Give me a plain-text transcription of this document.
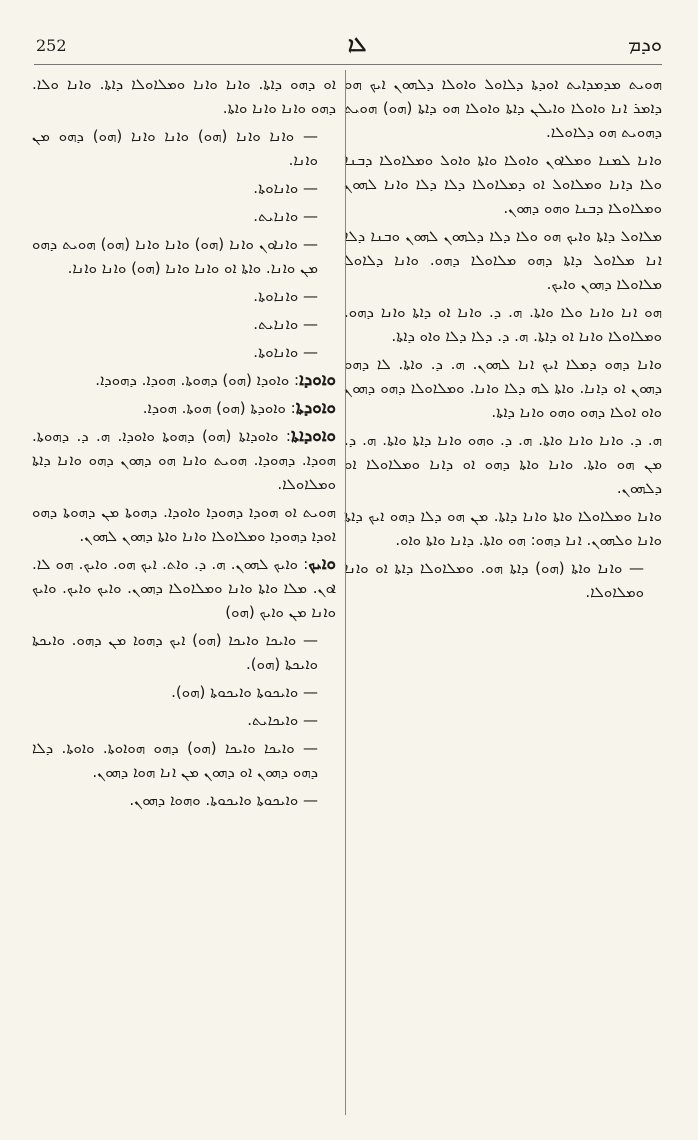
252	ܠܐ	ܘܕܡ

ܗܘܝܬ ܡܕܡܕܐܝܬ ܐܘܕܬܐ ܕܠܐܘܠ ܘܐܘܠܐ ܕܠܗܘܢ ܐܝܟ ܗܘ ܕܐܡܪ ܐܢܐ ܘܐܘܠܐ ܘܐܝܠܢ ܕܐܬܐ ܘܐܘܠܐ ܗܘ ܕܐܬܐ (ܗܘ) ܗܘܝܬ ܕܗܘܝܬ ܗܘ ܕܠܐܘܠܐ.

ܘܐܢܐ ܠܡܢܐ ܘܡܠܐܘܢ ܘܐܘܠܐ ܘܐܬܐ ܘܐܘܠ ܘܡܠܐܘܠܐ ܕܒܢܐ ܘܠܐ ܕܐܢܐ ܘܡܠܐܘܠ ܐܘ ܕܡܠܐܘܠܐ ܕܠܐ ܕܠܐ ܘܐܢܐ ܠܗܘܢ ܘܡܠܐܘܠܐ ܕܒܢܐ ܘܗܘ ܕܗܘܢ.

ܡܠܐܘܠ ܕܐܬܐ ܘܐܝܟ ܗܘ ܘܠܐ ܕܠܐ ܕܠܗܘܢ ܠܗܘܢ ܘܒܢܐ ܕܠܐ ܐܢܐ ܡܠܐܘܠ ܕܐܬܐ ܕܗܘ ܡܠܐܘܠܐ ܕܗܘ. ܘܐܢܐ ܕܠܐܘܠ ܡܠܐܘܠܐ ܕܗܘܢ ܘܐܝܟ.

ܗܘ ܐܢܐ ܘܐܢܐ ܘܠܐ ܘܐܬܐ. ܗ. ܕ. ܘܐܢܐ ܐܘ ܕܐܬܐ ܘܐܢܐ ܕܗܘ. ܘܡܠܐܘܠܐ ܘܐܢܐ ܐܘ ܕܐܬܐ. ܗ. ܕ. ܕܠܐ ܕܠܐ ܘܐܘ ܕܐܬܐ.

ܘܐܢܐ ܕܗܘ ܕܡܠܐ ܐܝܟ ܐܢܐ ܠܗܘܢ. ܗ. ܕ. ܘܐܬܐ. ܠܐ ܕܗܘ ܕܗܘܢ ܐܘ ܕܐܢܐ. ܘܐܬܐ ܠܗ ܕܠܐ ܘܐܢܐ. ܘܡܠܐܘܠܐ ܕܗܘ ܕܗܘܢ ܘܐܘ ܐܘܠܐ ܕܗܘ ܘܗܘ ܘܐܢܐ ܕܐܬܐ.

ܗ. ܕ. ܘܐܢܐ ܘܐܢܐ ܘܐܬܐ. ܗ. ܕ. ܘܗܘ ܘܐܢܐ ܕܐܬܐ ܘܐܬܐ. ܗ. ܕ. ܡܢ ܗܘ ܘܐܬܐ. ܘܐܢܐ ܘܐܬܐ ܕܗܘ ܐܘ ܕܐܢܐ ܘܡܠܐܘܠܐ ܐܘ ܕܠܗܘܢ.

ܘܐܢܐ ܘܡܠܐܘܠܐ ܘܐܬܐ ܘܐܢܐ ܕܐܬܐ. ܡܢ ܗܘ ܕܠܐ ܕܗܘ ܐܝܟ ܕܐܬܐ ܘܐܢܐ ܘܠܗܘܢ. ܐܢܐ ܕܗܘ: ܗܘ ܘܐܬܐ. ܕܐܢܐ ܘܐܬܐ ܘܐܘ.

— ܘܐܢܐ ܘܐܬܐ (ܗܘ) ܕܐܬܐ ܗܘ. ܘܡܠܐܘܠܐ ܕܐܬܐ ܐܘ ܘܐܢܐ ܘܡܠܐܘܠܐ.

ܐܘ ܕܗܘ ܕܐܬܐ. ܘܐܢܐ ܘܐܢܐ ܘܡܠܐܘܠܐ ܕܐܬܐ. ܘܐܢܐ ܘܠܐ. ܕܗܘ ܘܐܢܐ ܘܐܢܐ ܘܐܬܐ.

— ܘܐܢܐ ܘܐܢܐ (ܗܘ) ܘܐܢܐ ܘܐܢܐ (ܗܘ) ܕܗܘ ܡܢ ܘܐܢܐ.

— ܘܐܢܐܘܬܐ.

— ܘܐܢܐܝܬ.

— ܘܐܢܐܘܢ ܘܐܢܐ (ܗܘ) ܘܐܢܐ ܘܐܢܐ (ܗܘ) ܗܘܝܬ ܕܗܘ ܡܢ ܘܐܢܐ. ܘܐܬܐ ܐܘ ܘܐܢܐ ܘܐܢܐ (ܗܘ) ܘܐܢܐ ܘܐܢܐ.

— ܘܐܢܐܘܬܐ.

— ܘܐܢܐܝܬ.

— ܘܐܢܐܘܬܐ.

ܘܐܘܕܐ: ܘܐܘܕܐ (ܗܘ) ܕܗܘܬܐ. ܗܘܕܐ. ܕܗܘܕܐ.

ܘܐܘܕܬܐ: ܘܐܘܕܬܐ (ܗܘ) ܗܘܬܐ. ܗܘܕܐ.

ܘܐܘܕܐܬܐ: ܘܐܘܕܐܬܐ (ܗܘ) ܕܗܘܬܐ ܘܐܘܕܐ. ܗ. ܕ. ܕܗܘܬܐ. ܗܘܕܐ. ܕܗܘܕܐ. ܗܘܝܬ ܘܐܢܐ ܗܘ ܕܗܘܢ ܕܗܘ ܘܐܢܐ ܕܐܬܐ ܘܡܠܐܘܠܐ.

ܗܘܝܬ ܐܘ ܗܘܕܐ ܕܗܘܕܐ ܘܐܘܕܐ. ܕܗܘܬܐ ܡܢ ܕܗܘܬܐ ܕܗܘ ܐܘܕܐ ܕܗܘܕܐ ܘܡܠܐܘܠܐ ܘܐܢܐ ܘܐܬܐ ܕܗܘܢ ܠܗܘܢ.

ܘܐܝܟ: ܘܐܝܟ ܠܗܘܢ. ܗ. ܕ. ܘܐܬ. ܐܝܟ ܗܘ. ܘܐܝܟ. ܗܘ ܠܐ. ܐܘܢ. ܡܠܐ ܘܐܬܐ ܘܐܢܐ ܘܡܠܐܘܠܐ ܕܗܘܢ. ܘܐܝܟ ܘܐܝܟ. ܘܐܝܟ ܘܐܢܐ ܡܢ ܘܐܝܟ (ܗܘ)

— ܘܐܝܟܐ ܘܐܝܟܐ (ܗܘ) ܐܝܟ ܕܗܘܐ ܡܢ ܕܗܘ. ܘܐܝܟܬܐ ܘܐܝܟܬܐ (ܗܘ).

— ܘܐܝܟܘܬܐ ܘܐܝܟܘܬܐ (ܗܘ).

— ܘܐܝܟܐܝܬ.

— ܘܐܝܟܐ ܘܐܝܟܐ (ܗܘ) ܕܗܘ ܗܘܐܘܬܐ. ܘܐܘܬܐ. ܕܠܐ ܕܗܘ ܕܗܘܢ ܐܘ ܕܗܘܢ ܡܢ ܐܢܐ ܗܘܐ ܕܗܘܢ.

— ܘܐܝܟܘܬܐ ܘܐܝܟܘܬܐ. ܘܗܘܐ ܕܗܘܢ.
